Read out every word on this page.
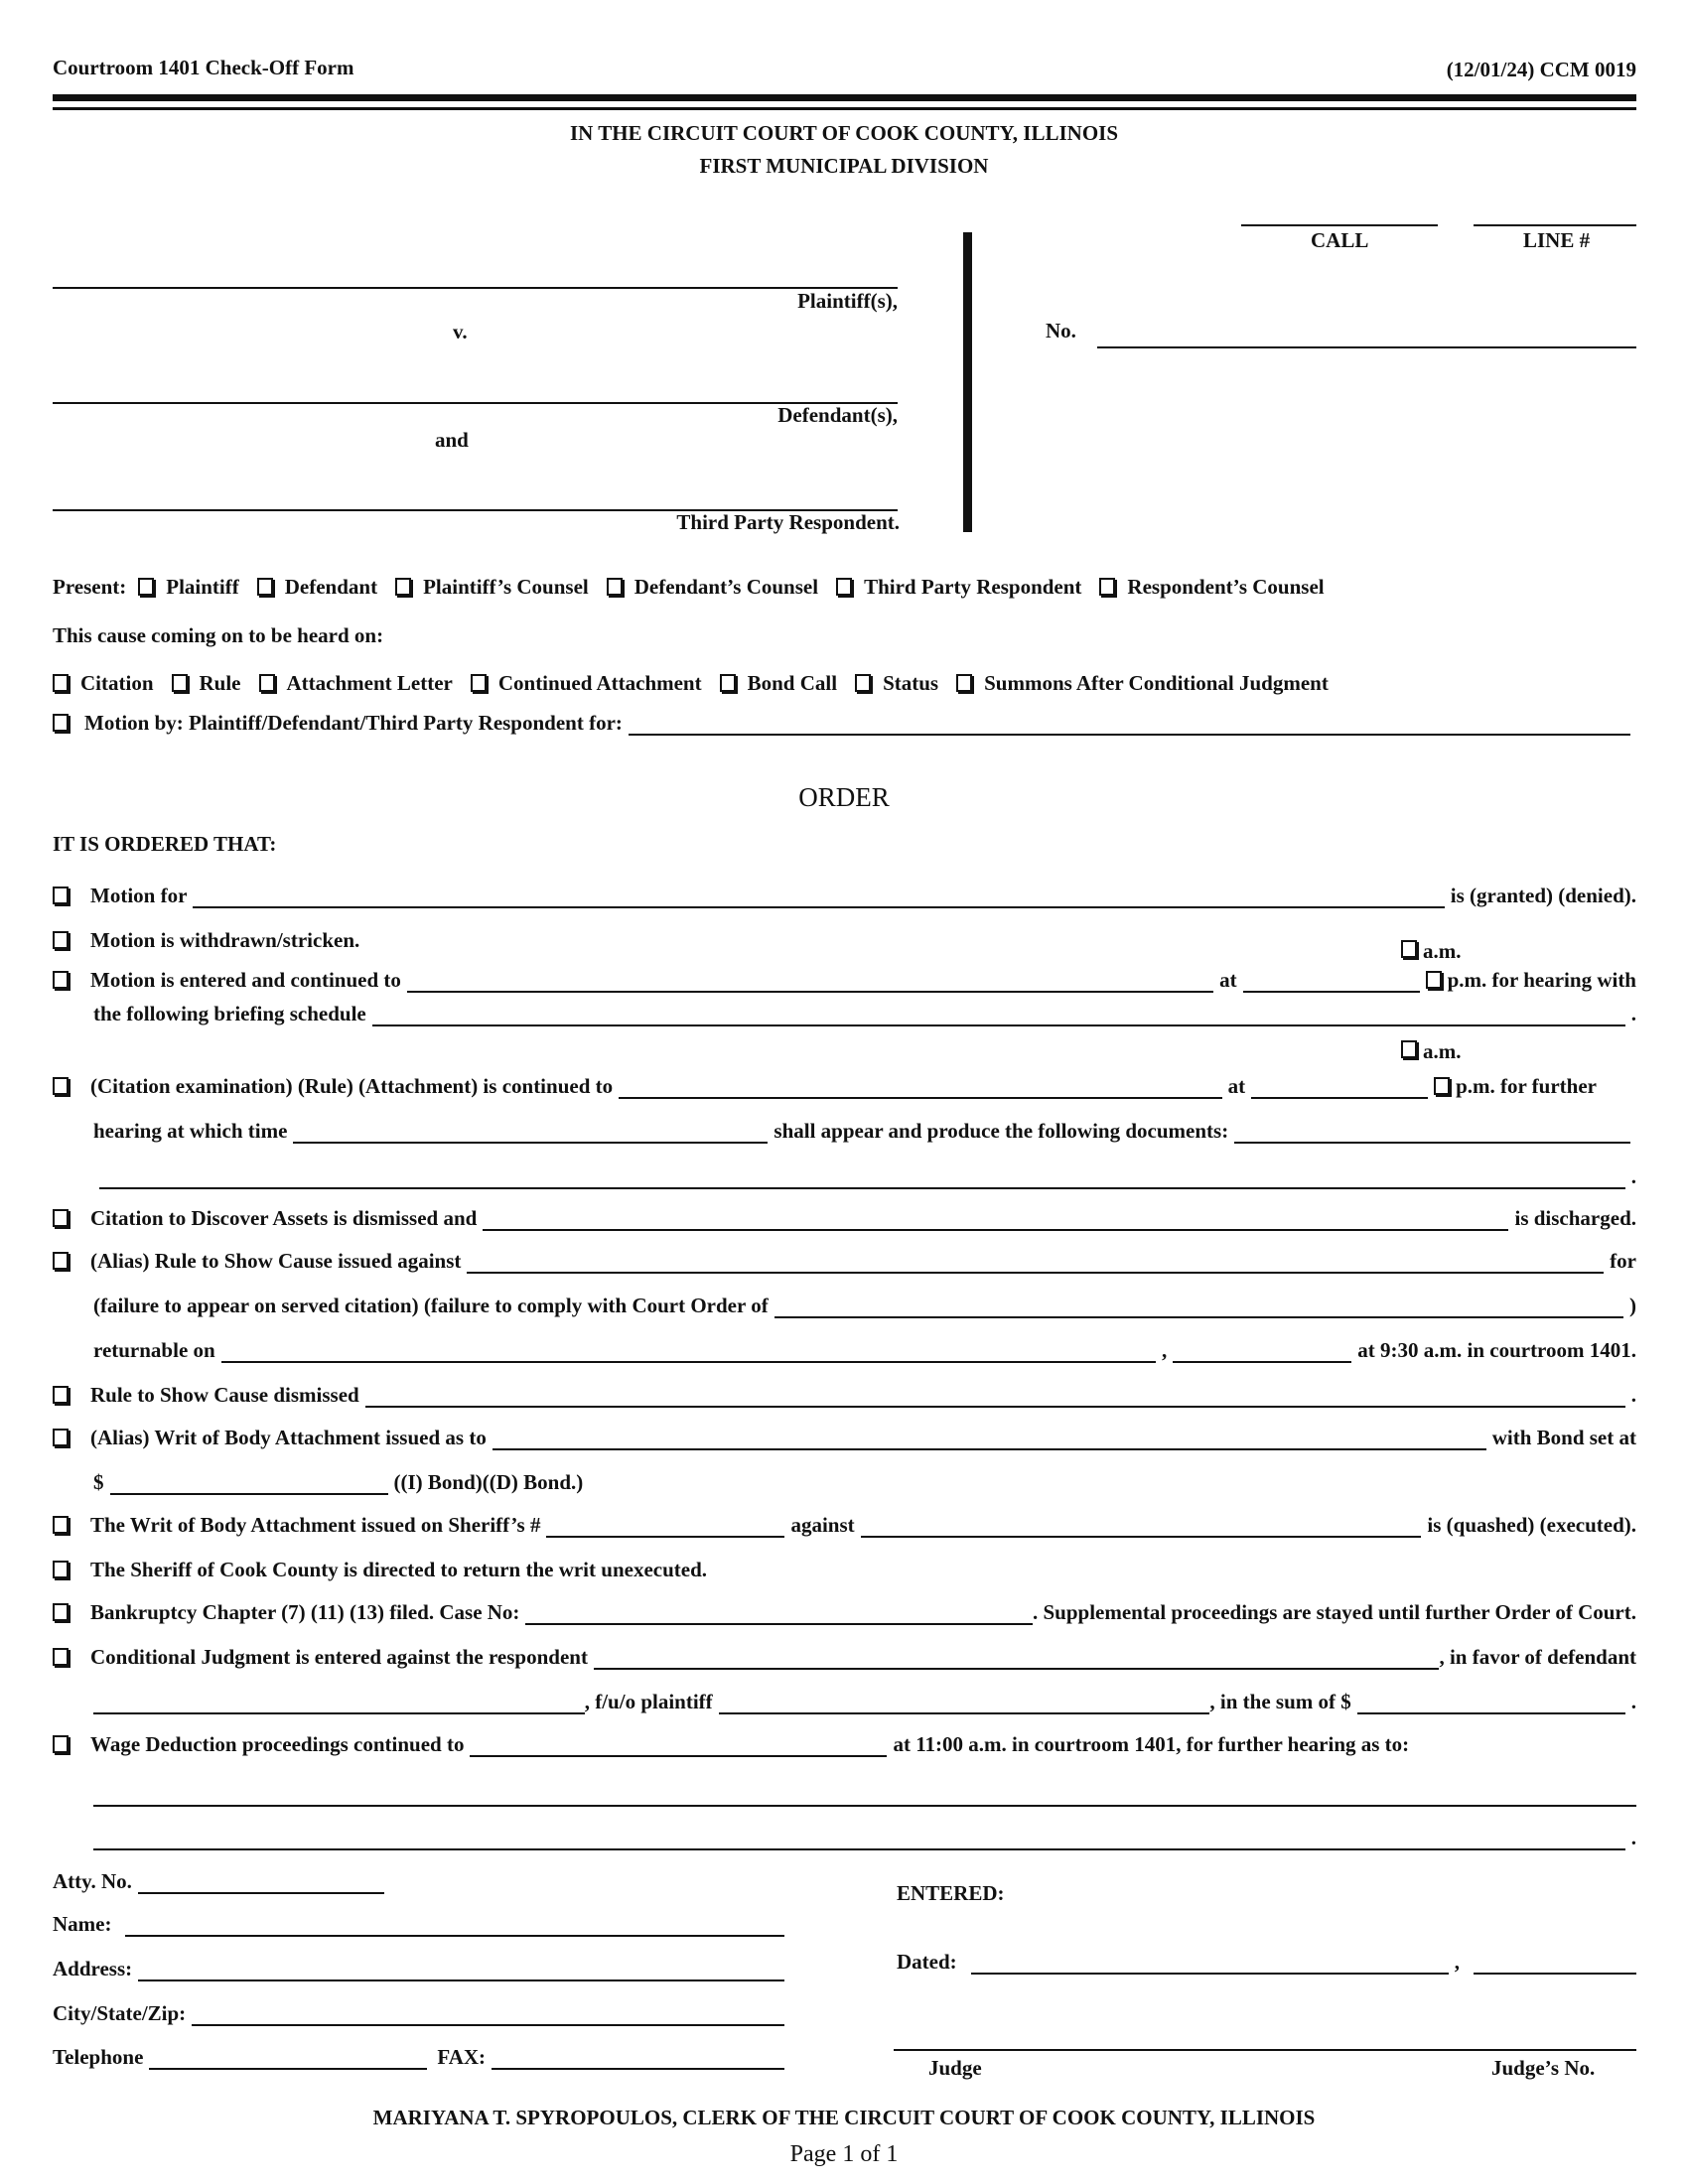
Courtroom 1401 Check-Off Form	(12/01/24) CCM 0019
IN THE CIRCUIT COURT OF COOK COUNTY, ILLINOIS
FIRST MUNICIPAL DIVISION
CALL	LINE #
Plaintiff(s),
v.	No.
Defendant(s),
and
Third Party Respondent.
Present: Plaintiff Defendant Plaintiff’s Counsel Defendant’s Counsel Third Party Respondent Respondent’s Counsel
This cause coming on to be heard on:
Citation Rule Attachment Letter Continued Attachment Bond Call Status Summons After Conditional Judgment
Motion by: Plaintiff/Defendant/Third Party Respondent for:
ORDER
IT IS ORDERED THAT:
Motion for	is (granted) (denied).
Motion is withdrawn/stricken.	a.m.
Motion is entered and continued to	at	p.m. for hearing with
the following briefing schedule	.
a.m.
(Citation examination) (Rule) (Attachment) is continued to	at	p.m. for further
hearing at which time	shall appear and produce the following documents:
.
Citation to Discover Assets is dismissed and	is discharged.
(Alias) Rule to Show Cause issued against	for
(failure to appear on served citation) (failure to comply with Court Order of	)
returnable on	,	at 9:30 a.m. in courtroom 1401.
Rule to Show Cause dismissed	.
(Alias) Writ of Body Attachment issued as to	with Bond set at
$	((I) Bond)((D) Bond.)
The Writ of Body Attachment issued on Sheriff’s #	against	is (quashed) (executed).
The Sheriff of Cook County is directed to return the writ unexecuted.
Bankruptcy Chapter (7) (11) (13) filed. Case No:	. Supplemental proceedings are stayed until further Order of Court.
Conditional Judgment is entered against the respondent	, in favor of defendant
, f/u/o plaintiff	, in the sum of $	.
Wage Deduction proceedings continued to	at 11:00 a.m. in courtroom 1401, for further hearing as to:
.
Atty. No.
Name:
Address:
City/State/Zip:
Telephone	FAX:
ENTERED:
Dated:	,
Judge	Judge’s No.
MARIYANA T. SPYROPOULOS, CLERK OF THE CIRCUIT COURT OF COOK COUNTY, ILLINOIS
Page 1 of 1
